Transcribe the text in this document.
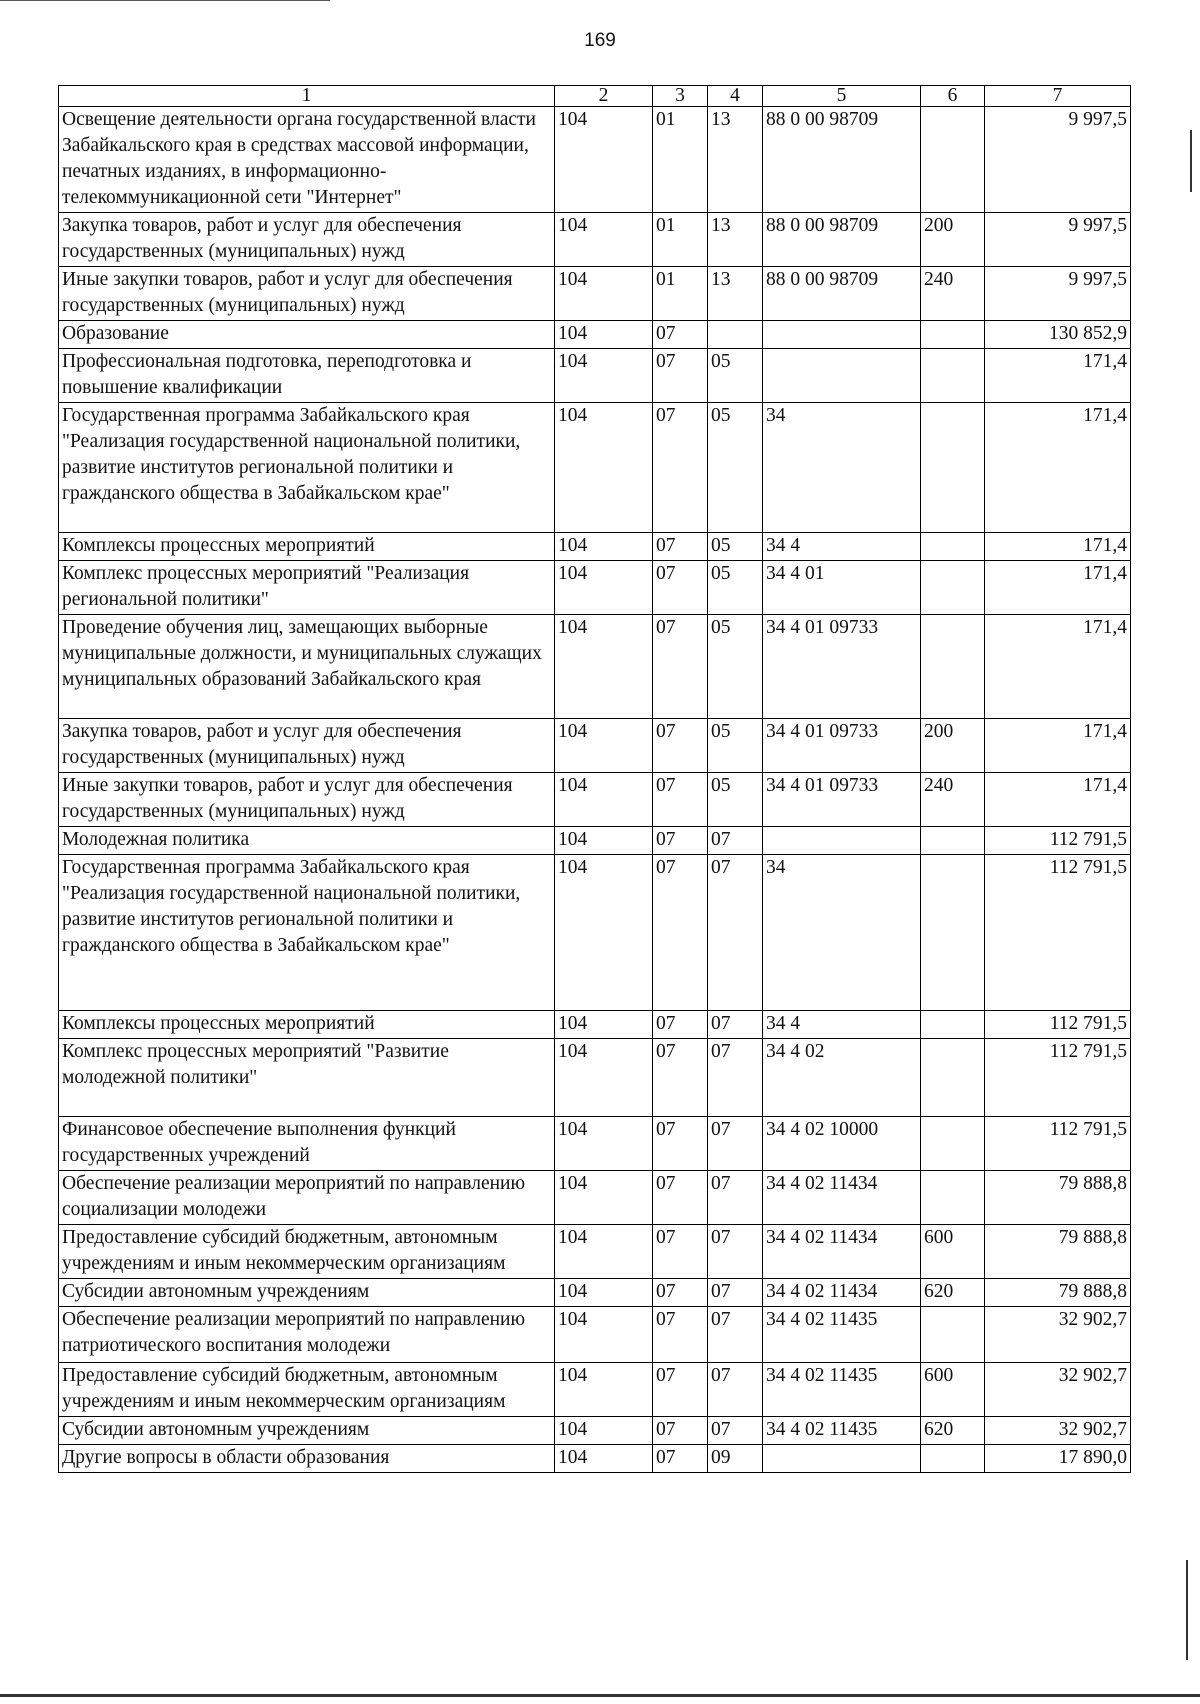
169
1	2	3	4	5	6	7
Освещение деятельности органа государственной власти Забайкальского края в средствах массовой информации, печатных изданиях, в информационно-телекоммуникационной сети "Интернет"	104	01	13	88 0 00 98709		9 997,5
Закупка товаров, работ и услуг для обеспечения государственных (муниципальных) нужд	104	01	13	88 0 00 98709	200	9 997,5
Иные закупки товаров, работ и услуг для обеспечения государственных (муниципальных) нужд	104	01	13	88 0 00 98709	240	9 997,5
Образование	104	07				130 852,9
Профессиональная подготовка, переподготовка и повышение квалификации	104	07	05			171,4
Государственная программа Забайкальского края "Реализация государственной национальной политики, развитие институтов региональной политики и гражданского общества в Забайкальском крае"	104	07	05	34		171,4
Комплексы процессных мероприятий	104	07	05	34 4		171,4
Комплекс процессных мероприятий "Реализация региональной политики"	104	07	05	34 4 01		171,4
Проведение обучения лиц, замещающих выборные муниципальные должности, и муниципальных служащих муниципальных образований Забайкальского края	104	07	05	34 4 01 09733		171,4
Закупка товаров, работ и услуг для обеспечения государственных (муниципальных) нужд	104	07	05	34 4 01 09733	200	171,4
Иные закупки товаров, работ и услуг для обеспечения государственных (муниципальных) нужд	104	07	05	34 4 01 09733	240	171,4
Молодежная политика	104	07	07			112 791,5
Государственная программа Забайкальского края "Реализация государственной национальной политики, развитие институтов региональной политики и гражданского общества в Забайкальском крае"	104	07	07	34		112 791,5
Комплексы процессных мероприятий	104	07	07	34 4		112 791,5
Комплекс процессных мероприятий "Развитие молодежной политики"	104	07	07	34 4 02		112 791,5
Финансовое обеспечение выполнения функций государственных учреждений	104	07	07	34 4 02 10000		112 791,5
Обеспечение реализации мероприятий по направлению социализации молодежи	104	07	07	34 4 02 11434		79 888,8
Предоставление субсидий бюджетным, автономным учреждениям и иным некоммерческим организациям	104	07	07	34 4 02 11434	600	79 888,8
Субсидии автономным учреждениям	104	07	07	34 4 02 11434	620	79 888,8
Обеспечение реализации мероприятий по направлению патриотического воспитания молодежи	104	07	07	34 4 02 11435		32 902,7
Предоставление субсидий бюджетным, автономным учреждениям и иным некоммерческим организациям	104	07	07	34 4 02 11435	600	32 902,7
Субсидии автономным учреждениям	104	07	07	34 4 02 11435	620	32 902,7
Другие вопросы в области образования	104	07	09			17 890,0
